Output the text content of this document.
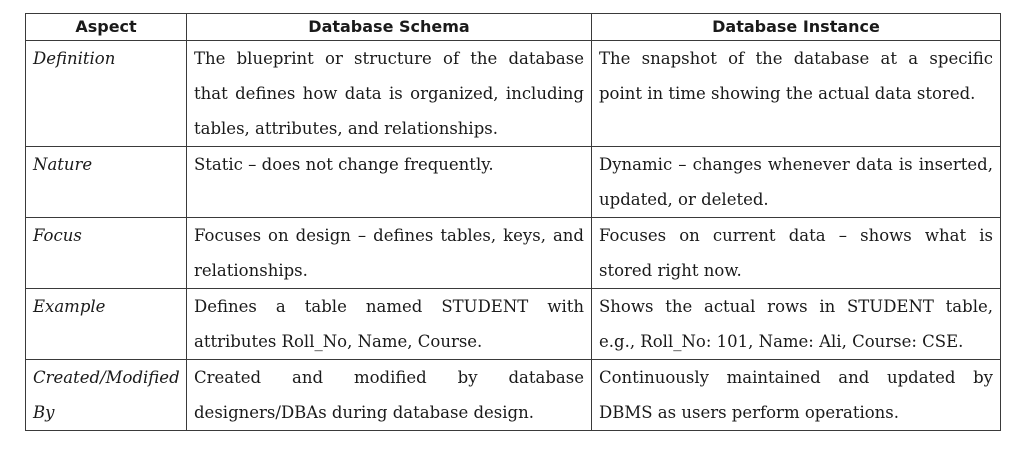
Aspect	Database Schema	Database Instance
Definition	The blueprint or structure of the database that defines how data is organized, including tables, attributes, and relationships.	The snapshot of the database at a specific point in time showing the actual data stored.
Nature	Static – does not change frequently.	Dynamic – changes whenever data is inserted, updated, or deleted.
Focus	Focuses on design – defines tables, keys, and relationships.	Focuses on current data – shows what is stored right now.
Example	Defines a table named STUDENT with attributes Roll_No, Name, Course.	Shows the actual rows in STUDENT table, e.g., Roll_No: 101, Name: Ali, Course: CSE.
Created/Modified By	Created and modified by database designers/DBAs during database design.	Continuously maintained and updated by DBMS as users perform operations.
